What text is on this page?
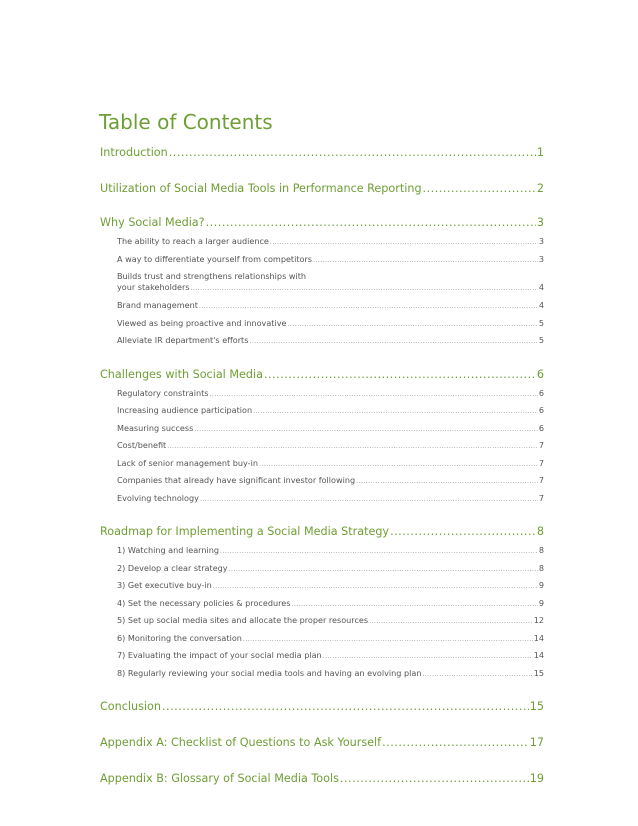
Table of Contents
Introduction .....	1
Utilization of Social Media Tools in Performance Reporting .....	2
Why Social Media? .....	3
The ability to reach a larger audience .....	3
A way to differentiate yourself from competitors .....	3
Builds trust and strengthens relationships with
your stakeholders .....	4
Brand management .....	4
Viewed as being proactive and innovative .....	5
Alleviate IR department's efforts .....	5
Challenges with Social Media .....	6
Regulatory constraints .....	6
Increasing audience participation .....	6
Measuring success .....	6
Cost/benefit .....	7
Lack of senior management buy-in .....	7
Companies that already have significant investor following .....	7
Evolving technology .....	7
Roadmap for Implementing a Social Media Strategy .....	8
1) Watching and learning .....	8
2) Develop a clear strategy .....	8
3) Get executive buy-in .....	9
4) Set the necessary policies & procedures .....	9
5) Set up social media sites and allocate the proper resources .....	12
6) Monitoring the conversation .....	14
7) Evaluating the impact of your social media plan .....	14
8) Regularly reviewing your social media tools and having an evolving plan .....	15
Conclusion .....	15
Appendix A: Checklist of Questions to Ask Yourself .....	17
Appendix B: Glossary of Social Media Tools .....	19
